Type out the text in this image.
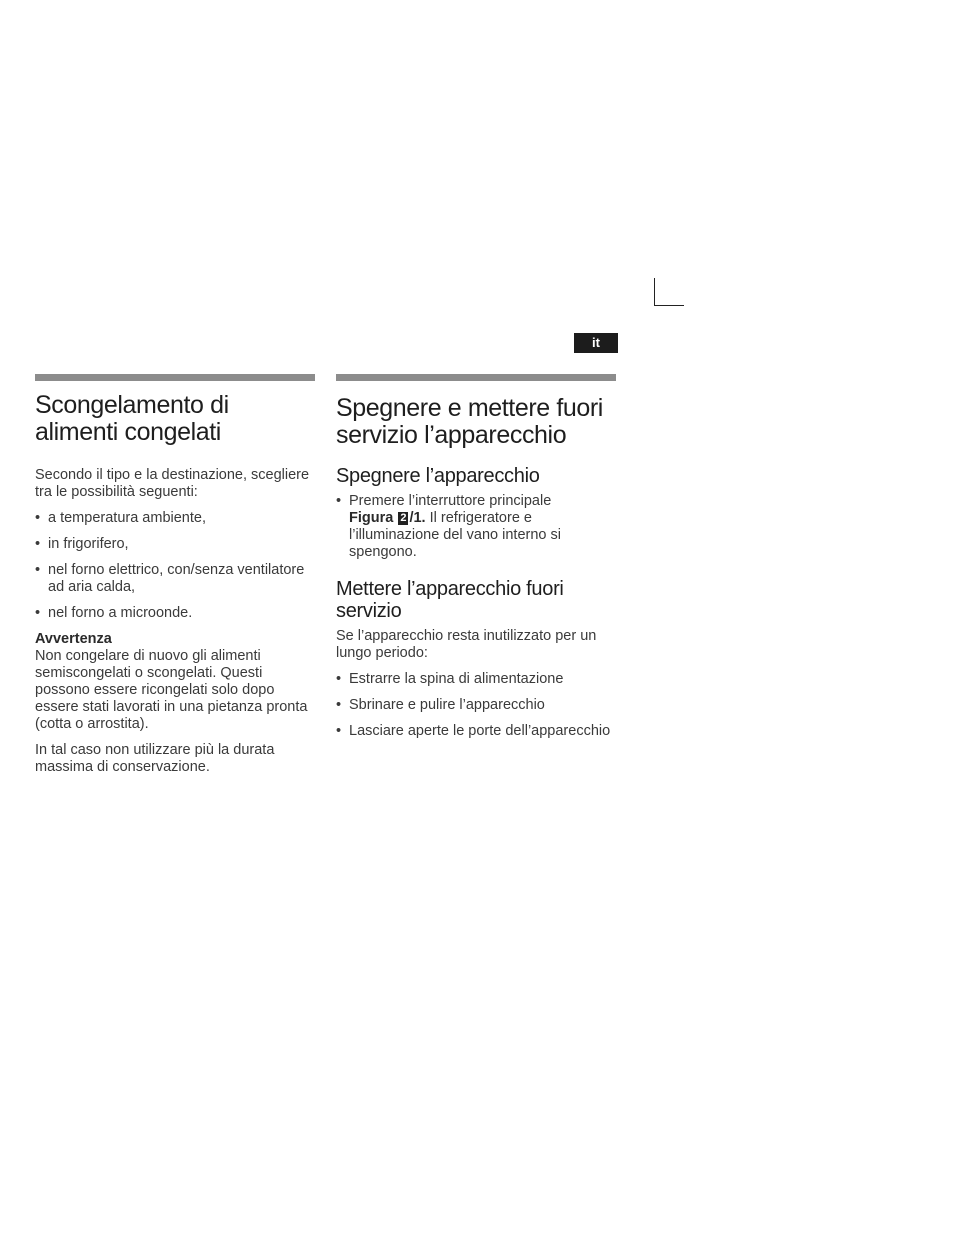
it
Scongelamento di alimenti congelati

Secondo il tipo e la destinazione, scegliere tra le possibilità seguenti:

• a temperatura ambiente,
• in frigorifero,
• nel forno elettrico, con/senza ventilatore ad aria calda,
• nel forno a microonde.

Avvertenza

Non congelare di nuovo gli alimenti semiscongelati o scongelati. Questi possono essere ricongelati solo dopo essere stati lavorati in una pietanza pronta (cotta o arrostita).

In tal caso non utilizzare più la durata massima di conservazione.

Spegnere e mettere fuori servizio l’apparecchio
Spegnere l’apparecchio
• Premere l’interruttore principale
Figura 2 /1. Il refrigeratore e l’illuminazione del vano interno si spengono.
Mettere l’apparecchio fuori servizio

Se l’apparecchio resta inutilizzato per un lungo periodo:

• Estrarre la spina di alimentazione
• Sbrinare e pulire l’apparecchio
• Lasciare aperte le porte dell’apparecchio
